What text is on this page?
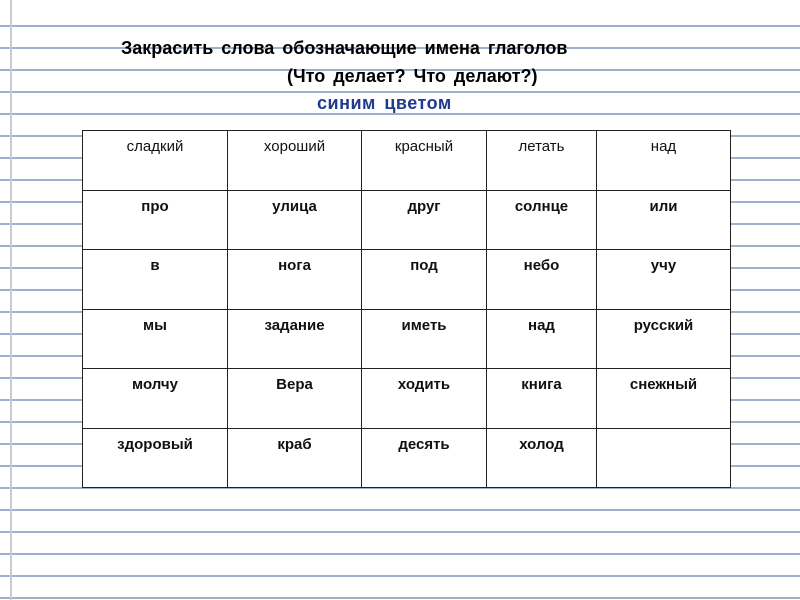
Закрасить слова обозначающие имена глаголов
(Что делает? Что делают?)
синим цветом
сладкий	хороший	красный	летать	над
про	улица	друг	солнце	или
в	нога	под	небо	учу
мы	задание	иметь	над	русский
молчу	Вера	ходить	книга	снежный
здоровый	краб	десять	холод	
